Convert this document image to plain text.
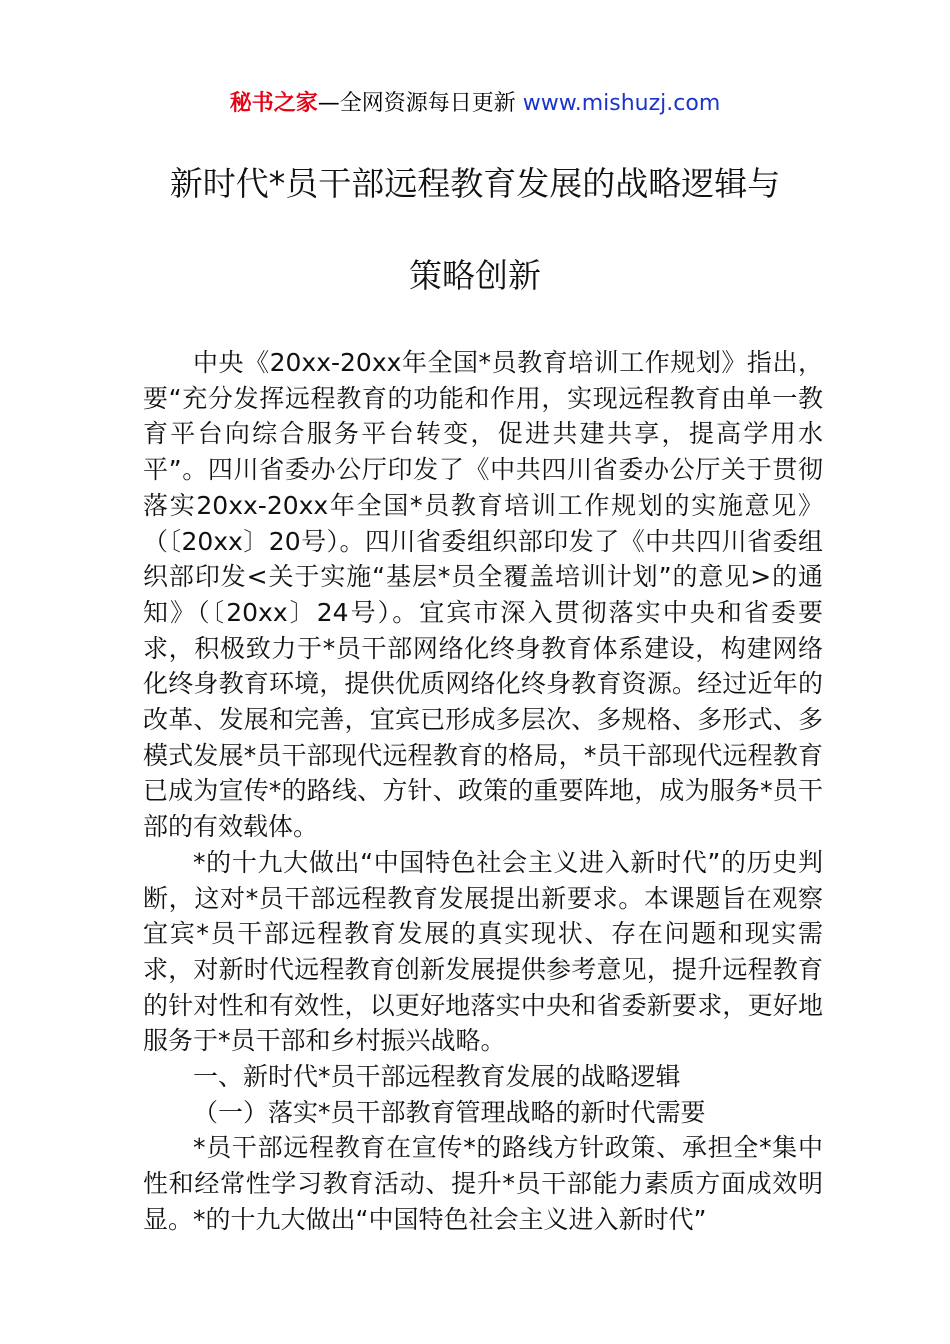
秘书之家—全网资源每日更新 www.mishuzj.com
新时代*员干部远程教育发展的战略逻辑与
策略创新

中央《20xx-20xx年全国*员教育培训工作规划》指出，要“充分发挥远程教育的功能和作用，实现远程教育由单一教育平台向综合服务平台转变，促进共建共享，提高学用水平”。四川省委办公厅印发了《中共四川省委办公厅关于贯彻落实20xx-20xx年全国*员教育培训工作规划的实施意见》（〔20xx〕20号）。四川省委组织部印发了《中共四川省委组织部印发<关于实施“基层*员全覆盖培训计划”的意见>的通知》（〔20xx〕24号）。宜宾市深入贯彻落实中央和省委要求，积极致力于*员干部网络化终身教育体系建设，构建网络化终身教育环境，提供优质网络化终身教育资源。经过近年的改革、发展和完善，宜宾已形成多层次、多规格、多形式、多模式发展*员干部现代远程教育的格局，*员干部现代远程教育已成为宣传*的路线、方针、政策的重要阵地，成为服务*员干部的有效载体。

*的十九大做出“中国特色社会主义进入新时代”的历史判断，这对*员干部远程教育发展提出新要求。本课题旨在观察宜宾*员干部远程教育发展的真实现状、存在问题和现实需求，对新时代远程教育创新发展提供参考意见，提升远程教育的针对性和有效性，以更好地落实中央和省委新要求，更好地服务于*员干部和乡村振兴战略。

一、新时代*员干部远程教育发展的战略逻辑

（一）落实*员干部教育管理战略的新时代需要

*员干部远程教育在宣传*的路线方针政策、承担全*集中性和经常性学习教育活动、提升*员干部能力素质方面成效明显。*的十九大做出“中国特色社会主义进入新时代”
